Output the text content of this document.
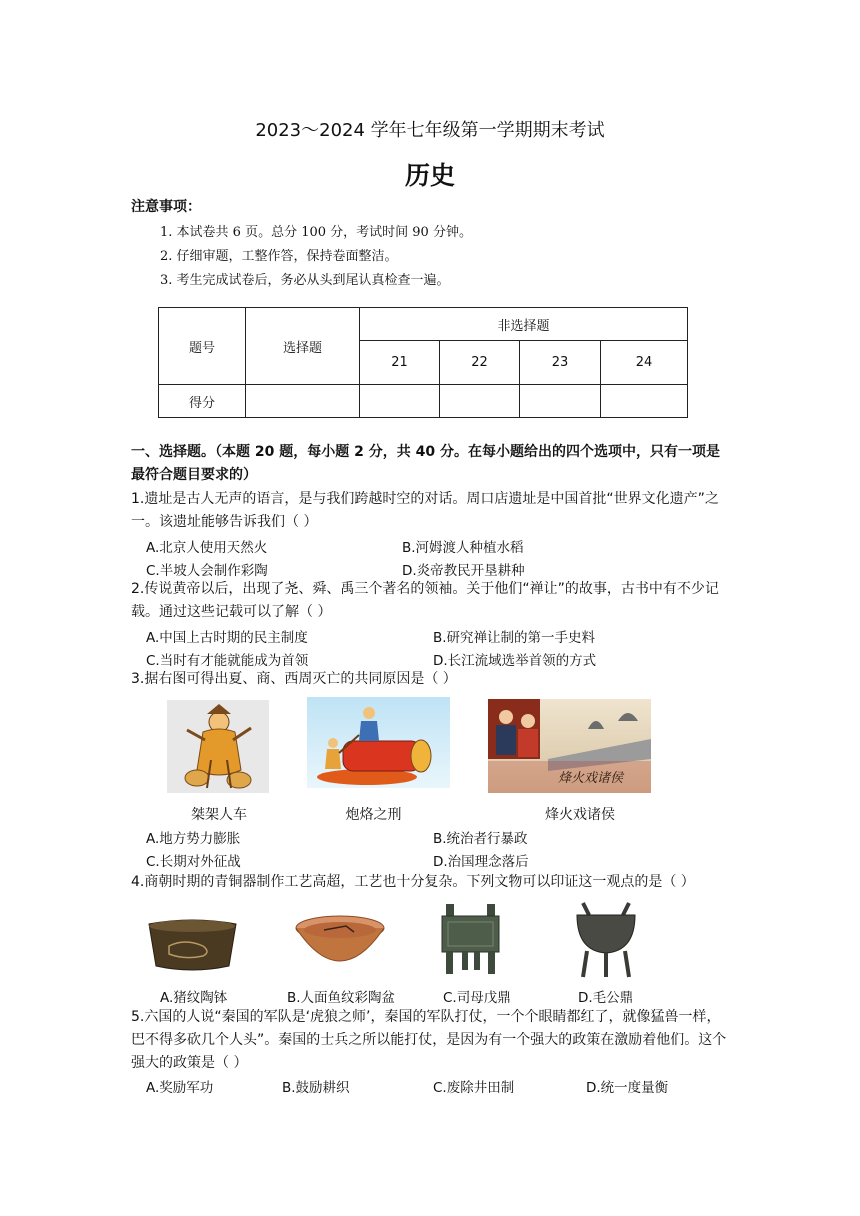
2023～2024 学年七年级第一学期期末考试
历史
注意事项：
1. 本试卷共 6 页。总分 100 分，考试时间 90 分钟。
2. 仔细审题，工整作答，保持卷面整洁。
3. 考生完成试卷后，务必从头到尾认真检查一遍。
题号	选择题	非选择题			
		21	22	23	24
得分					
一、选择题。（本题 20 题，每小题 2 分，共 40 分。在每小题给出的四个选项中，只有一项是最符合题目要求的）
1.遗址是古人无声的语言，是与我们跨越时空的对话。周口店遗址是中国首批“世界文化遗产”之一。该遗址能够告诉我们（ ）
A.北京人使用天然火	B.河姆渡人种植水稻
C.半坡人会制作彩陶	D.炎帝教民开垦耕种
2.传说黄帝以后，出现了尧、舜、禹三个著名的领袖。关于他们“禅让”的故事，古书中有不少记载。通过这些记载可以了解（ ）
A.中国上古时期的民主制度	B.研究禅让制的第一手史料
C.当时有才能就能成为首领	D.长江流域选举首领的方式
3.据右图可得出夏、商、西周灭亡的共同原因是（ ）
烽火戏诸侯
桀架人车	炮烙之刑	烽火戏诸侯
A.地方势力膨胀	B.统治者行暴政
C.长期对外征战	D.治国理念落后
4.商朝时期的青铜器制作工艺高超，工艺也十分复杂。下列文物可以印证这一观点的是（ ）
A.猪纹陶钵	B.人面鱼纹彩陶盆	C.司母戊鼎	D.毛公鼎
5.六国的人说“秦国的军队是‘虎狼之师’，秦国的军队打仗，一个个眼睛都红了，就像猛兽一样，巴不得多砍几个人头”。秦国的士兵之所以能打仗，是因为有一个强大的政策在激励着他们。这个强大的政策是（ ）
A.奖励军功	B.鼓励耕织	C.废除井田制	D.统一度量衡
